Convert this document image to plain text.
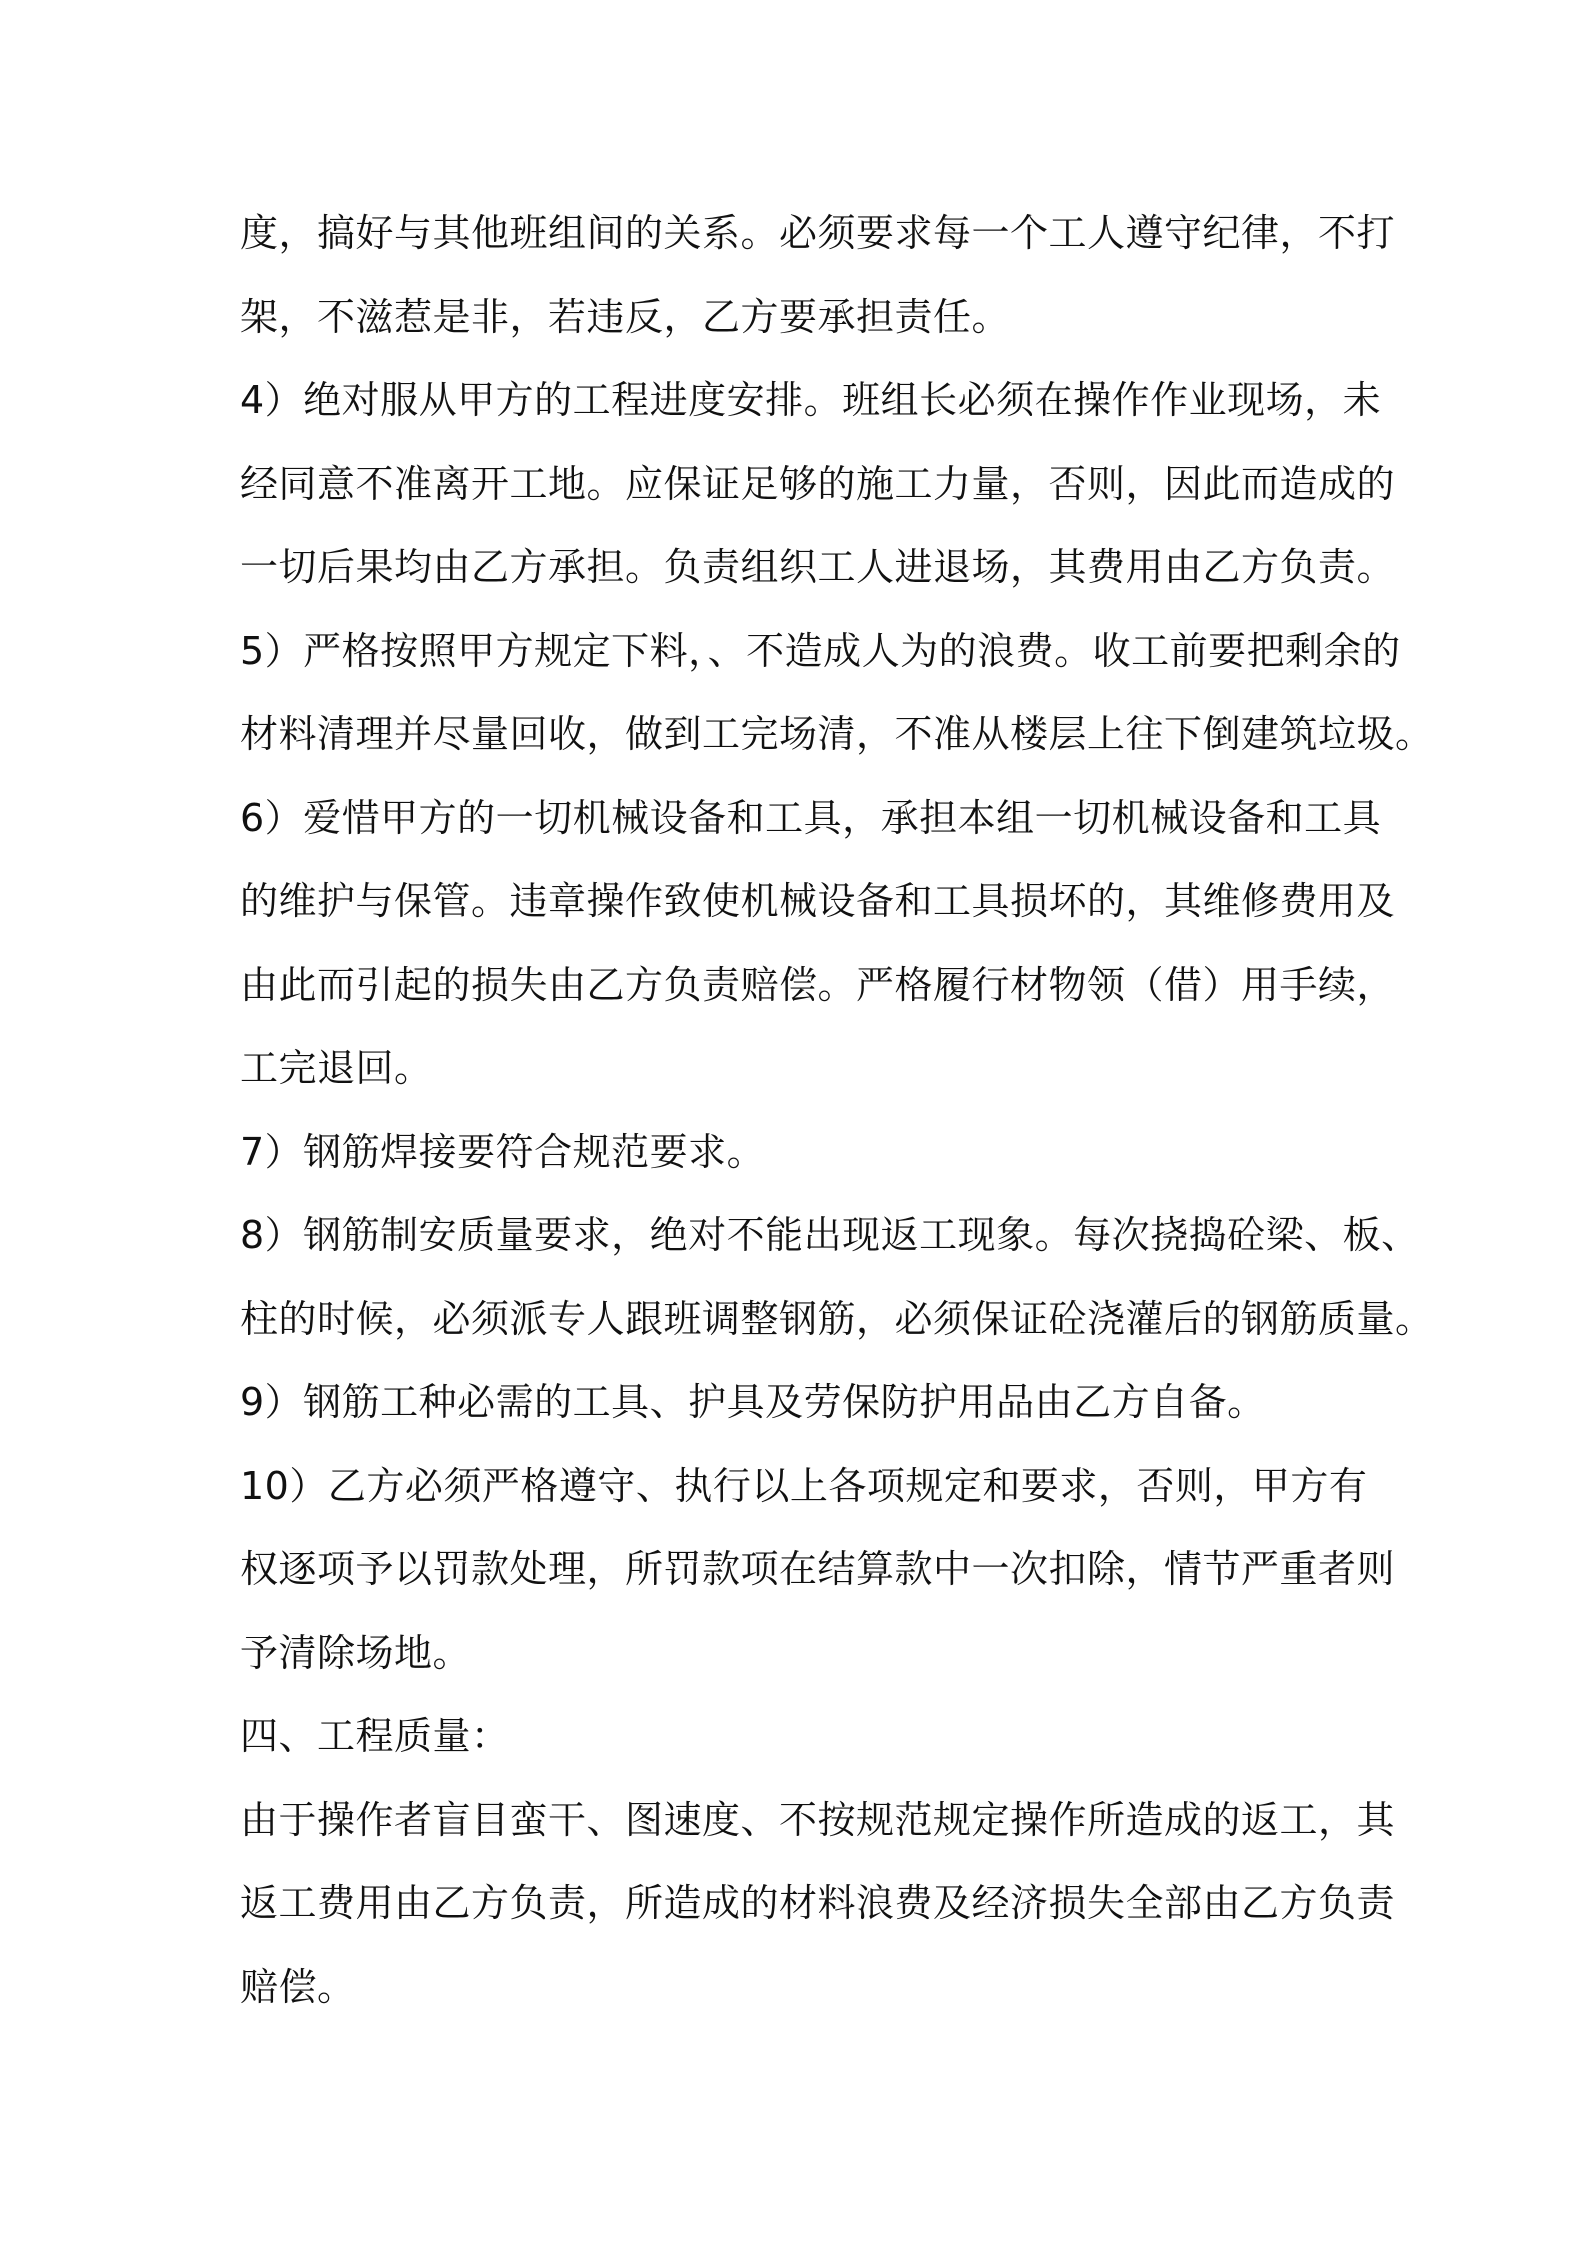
度，搞好与其他班组间的关系。必须要求每一个工人遵守纪律，不打
架，不滋惹是非，若违反，乙方要承担责任。
4）绝对服从甲方的工程进度安排。班组长必须在操作作业现场，未
经同意不准离开工地。应保证足够的施工力量，否则，因此而造成的
一切后果均由乙方承担。负责组织工人进退场，其费用由乙方负责。
5）严格按照甲方规定下料，、不造成人为的浪费。收工前要把剩余的
材料清理并尽量回收，做到工完场清，不准从楼层上往下倒建筑垃圾。
6）爱惜甲方的一切机械设备和工具，承担本组一切机械设备和工具
的维护与保管。违章操作致使机械设备和工具损坏的，其维修费用及
由此而引起的损失由乙方负责赔偿。严格履行材物领（借）用手续，
工完退回。
7）钢筋焊接要符合规范要求。
8）钢筋制安质量要求，绝对不能出现返工现象。每次挠捣砼梁、板、
柱的时候，必须派专人跟班调整钢筋，必须保证砼浇灌后的钢筋质量。
9）钢筋工种必需的工具、护具及劳保防护用品由乙方自备。
10）乙方必须严格遵守、执行以上各项规定和要求，否则，甲方有
权逐项予以罚款处理，所罚款项在结算款中一次扣除，情节严重者则
予清除场地。
四、工程质量：
由于操作者盲目蛮干、图速度、不按规范规定操作所造成的返工，其
返工费用由乙方负责，所造成的材料浪费及经济损失全部由乙方负责
赔偿。
